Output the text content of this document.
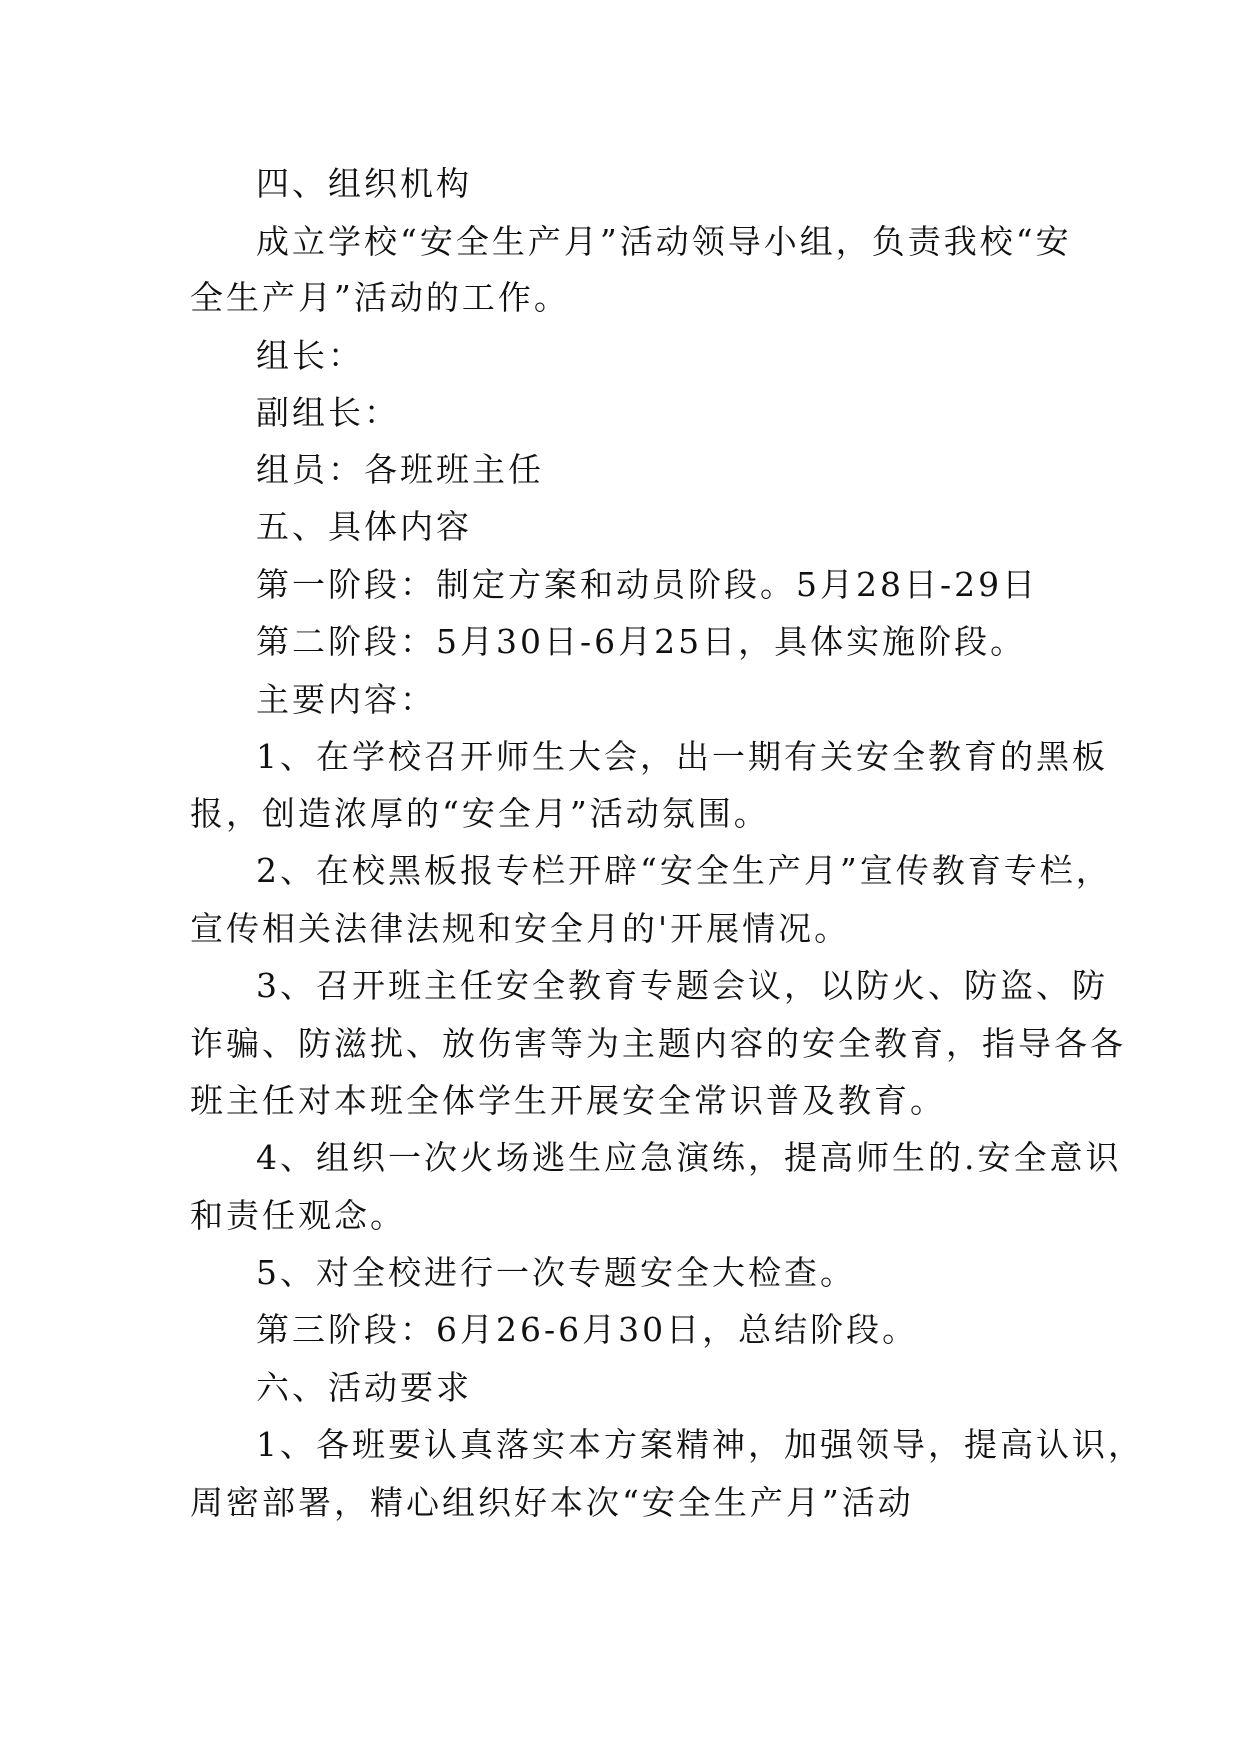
四、组织机构
成立学校“安全生产月”活动领导小组，负责我校“安
全生产月”活动的工作。
组长：
副组长：
组员：各班班主任
五、具体内容
第一阶段：制定方案和动员阶段。5月28日-29日
第二阶段：5月30日-6月25日，具体实施阶段。
主要内容：
1、在学校召开师生大会，出一期有关安全教育的黑板
报，创造浓厚的“安全月”活动氛围。
2、在校黑板报专栏开辟“安全生产月”宣传教育专栏，
宣传相关法律法规和安全月的'开展情况。
3、召开班主任安全教育专题会议，以防火、防盗、防
诈骗、防滋扰、放伤害等为主题内容的安全教育，指导各各
班主任对本班全体学生开展安全常识普及教育。
4、组织一次火场逃生应急演练，提高师生的.安全意识
和责任观念。
5、对全校进行一次专题安全大检查。
第三阶段：6月26-6月30日，总结阶段。
六、活动要求
1、各班要认真落实本方案精神，加强领导，提高认识，
周密部署，精心组织好本次“安全生产月”活动
